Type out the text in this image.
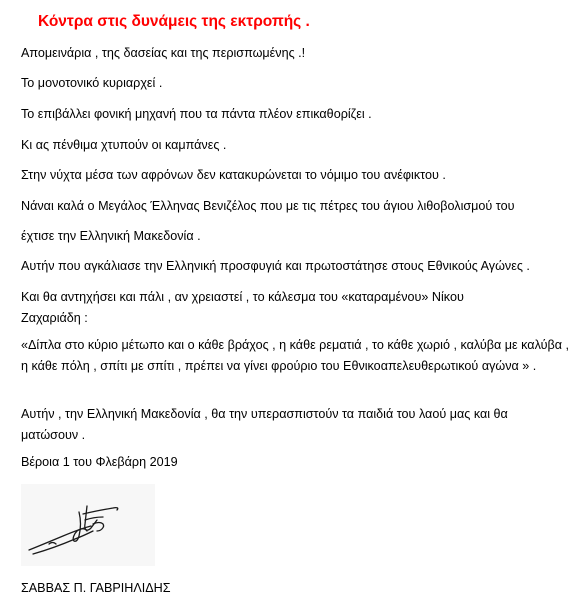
Κόντρα στις δυνάμεις της εκτροπής .

Απομεινάρια , της δασείας και της περισπωμένης .!

Το μονοτονικό κυριαρχεί .

Το επιβάλλει φονική μηχανή που τα πάντα πλέον επικαθορίζει .

Κι ας πένθιμα χτυπούν οι καμπάνες .

Στην νύχτα μέσα των αφρόνων δεν κατακυρώνεται το νόμιμο του ανέφικτου .

Νάναι καλά ο Μεγάλος Έλληνας Βενιζέλος που με τις πέτρες του άγιου λιθοβολισμού του

έχτισε την Ελληνική Μακεδονία .

Αυτήν που αγκάλιασε την Ελληνική προσφυγιά και πρωτοστάτησε στους Εθνικούς Αγώνες .

Και θα αντηχήσει και πάλι , αν χρειαστεί , το κάλεσμα του «καταραμένου» Νίκου Ζαχαριάδη :

«Δίπλα στο κύριο μέτωπο και ο κάθε βράχος , η κάθε ρεματιά , το κάθε χωριό , καλύβα με καλύβα , η κάθε πόλη , σπίτι με σπίτι , πρέπει να γίνει φρούριο του Εθνικοαπελευθερωτικού αγώνα » .

Αυτήν , την Ελληνική Μακεδονία , θα την υπερασπιστούν τα παιδιά του λαού μας και θα ματώσουν .

Βέροια 1 του Φλεβάρη 2019

ΣΑΒΒΑΣ Π. ΓΑΒΡΙΗΛΙΔΗΣ
